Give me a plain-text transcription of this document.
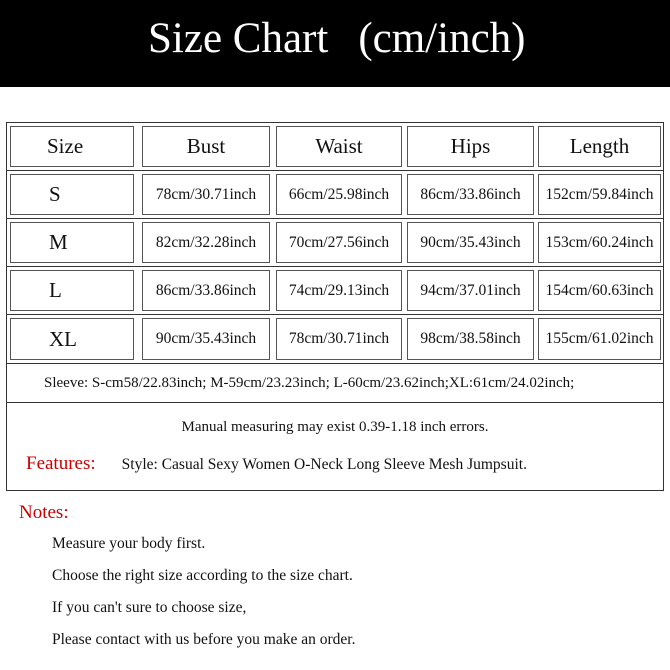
Size Chart (cm/inch)
Size	Bust	Waist	Hips	Length
S	78cm/30.71inch	66cm/25.98inch	86cm/33.86inch	152cm/59.84inch
M	82cm/32.28inch	70cm/27.56inch	90cm/35.43inch	153cm/60.24inch
L	86cm/33.86inch	74cm/29.13inch	94cm/37.01inch	154cm/60.63inch
XL	90cm/35.43inch	78cm/30.71inch	98cm/38.58inch	155cm/61.02inch
Sleeve: S-cm58/22.83inch; M-59cm/23.23inch; L-60cm/23.62inch;XL:61cm/24.02inch;
Manual measuring may exist 0.39-1.18 inch errors.
Features: Style: Casual Sexy Women O-Neck Long Sleeve Mesh Jumpsuit.
Notes:
Measure your body first.
Choose the right size according to the size chart.
If you can't sure to choose size,
Please contact with us before you make an order.
